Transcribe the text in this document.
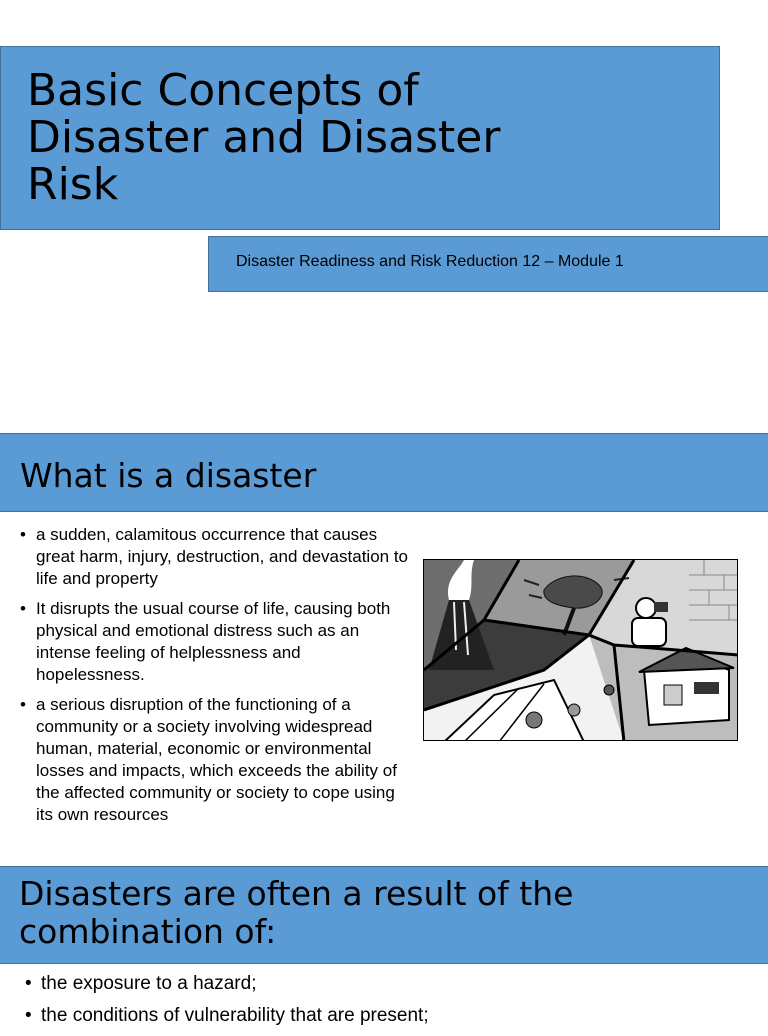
Basic Concepts of Disaster and Disaster Risk
Disaster Readiness and Risk Reduction 12 – Module 1
What is a disaster
• a sudden, calamitous occurrence that causes great harm, injury, destruction, and devastation to life and property
• It disrupts the usual course of life, causing both physical and emotional distress such as an intense feeling of helplessness and hopelessness.
• a serious disruption of the functioning of a community or a society involving widespread human, material, economic or environmental losses and impacts, which exceeds the ability of the affected community or society to cope using its own resources
Disasters are often a result of the combination of:
• the exposure to a hazard;
• the conditions of vulnerability that are present;
